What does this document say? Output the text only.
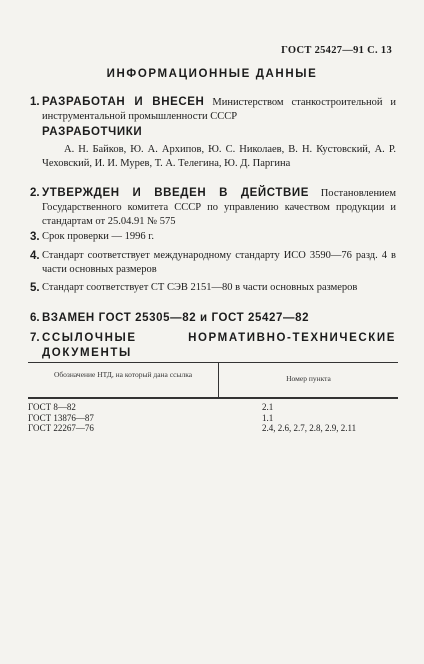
ГОСТ 25427—91 С. 13
ИНФОРМАЦИОННЫЕ ДАННЫЕ
1. РАЗРАБОТАН И ВНЕСЕН Министерством станкостроительной и инструментальной промышленности СССР
РАЗРАБОТЧИКИ
А. Н. Байков, Ю. А. Архипов, Ю. С. Николаев, В. Н. Кустовский, А. Р. Чеховский, И. И. Мурев, Т. А. Телегина, Ю. Д. Паргина
2. УТВЕРЖДЕН И ВВЕДЕН В ДЕЙСТВИЕ Постановлением Государственного комитета СССР по управлению качеством продукции и стандартам от 25.04.91 № 575
3. Срок проверки — 1996 г.
4. Стандарт соответствует международному стандарту ИСО 3590—76 разд. 4 в части основных размеров
5. Стандарт соответствует СТ СЭВ 2151—80 в части основных размеров
6. ВЗАМЕН ГОСТ 25305—82 и ГОСТ 25427—82
7. ССЫЛОЧНЫЕ НОРМАТИВНО-ТЕХНИЧЕСКИЕ ДОКУМЕНТЫ
Обозначение НТД, на который дана ссылка	Номер пункта
ГОСТ 8—82	2.1
ГОСТ 13876—87	1.1
ГОСТ 22267—76	2.4, 2.6, 2.7, 2.8, 2.9, 2.11
